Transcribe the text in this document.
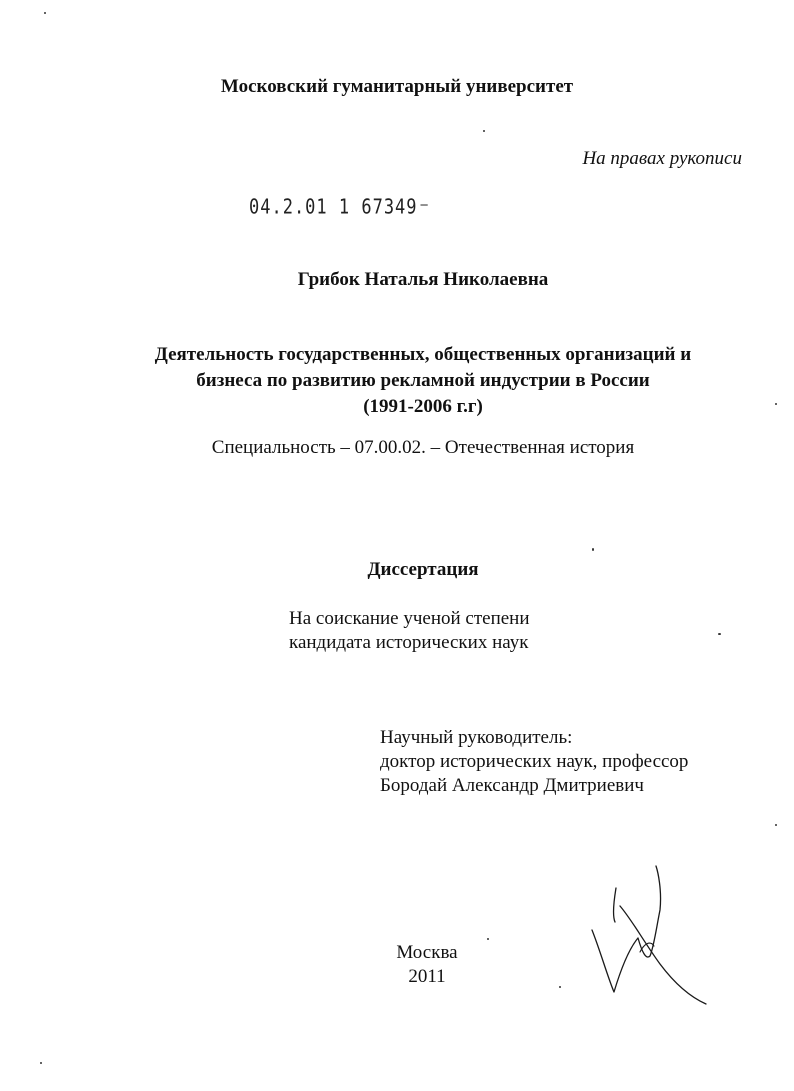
Московский гуманитарный университет
На правах рукописи
04.2.01 1 67349 –
Грибок Наталья Николаевна
Деятельность государственных, общественных организаций и
бизнеса по развитию рекламной индустрии в России
(1991-2006 г.г)
Специальность – 07.00.02. – Отечественная история
Диссертация
На соискание ученой степени
кандидата исторических наук
Научный руководитель:
доктор исторических наук, профессор
Бородай Александр Дмитриевич
Москва
2011
